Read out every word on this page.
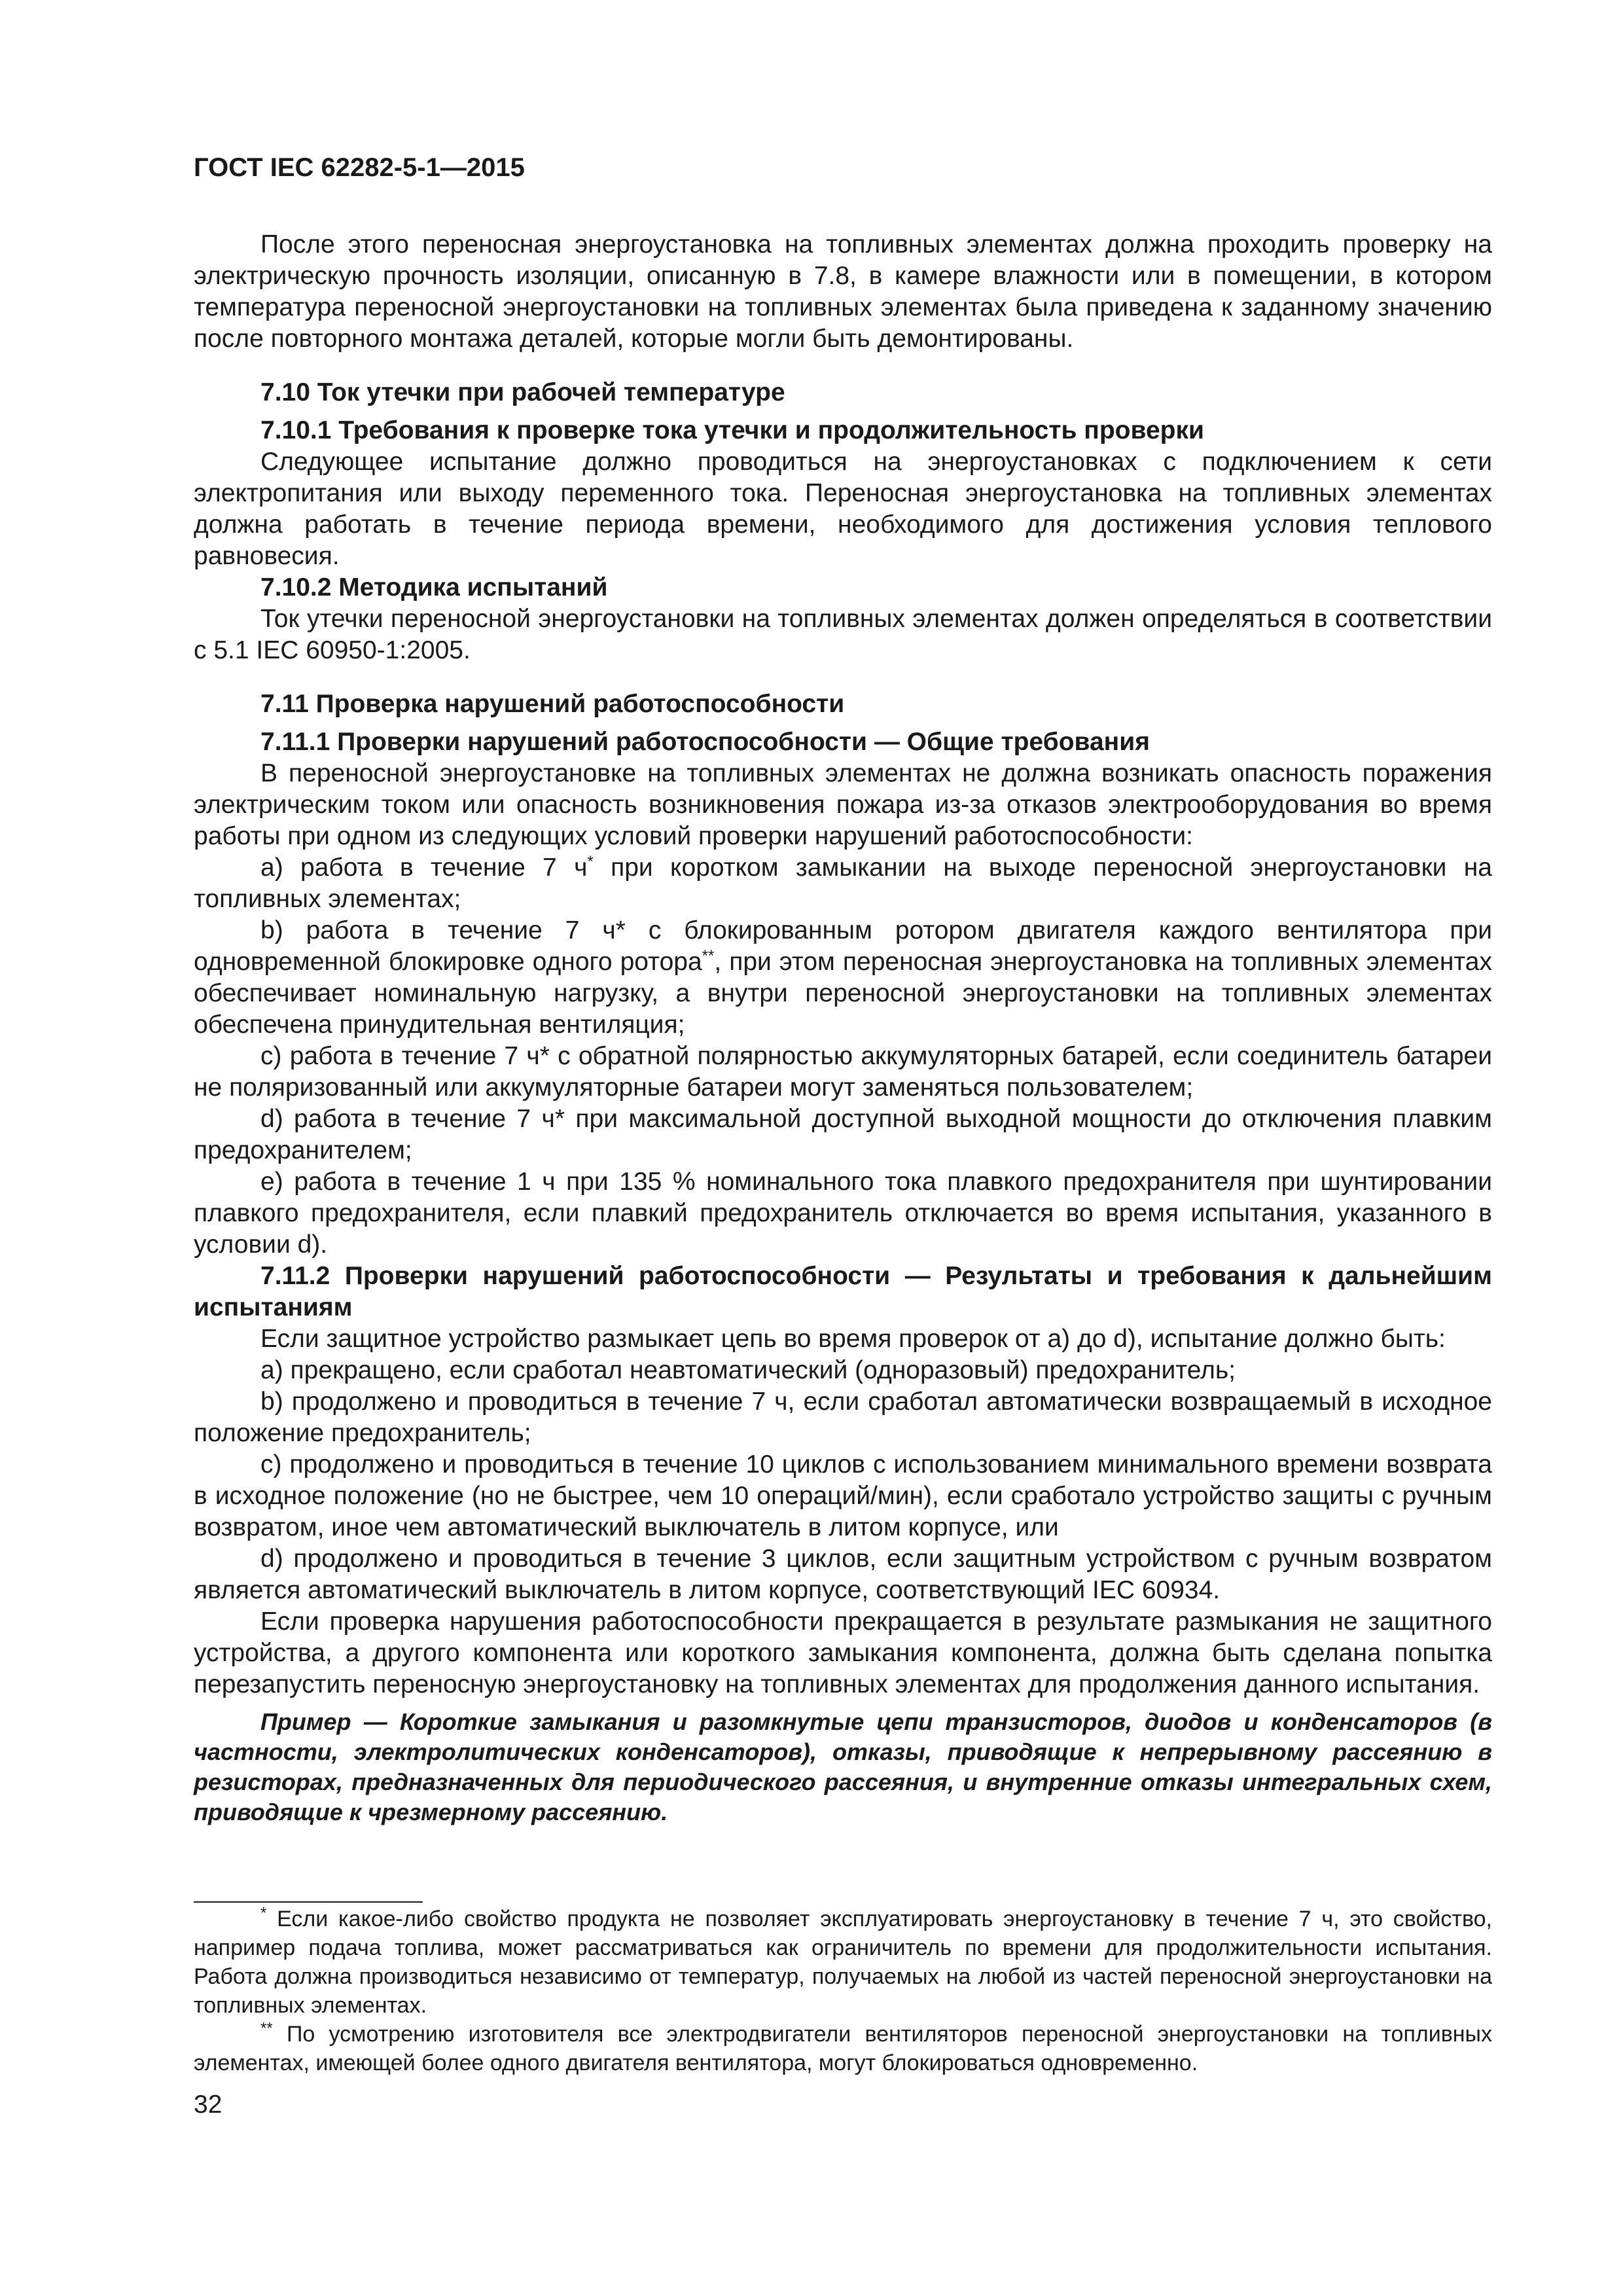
ГОСТ IEC 62282-5-1—2015

После этого переносная энергоустановка на топливных элементах должна проходить проверку на электрическую прочность изоляции, описанную в 7.8, в камере влажности или в помещении, в котором температура переносной энергоустановки на топливных элементах была приведена к заданному значению после повторного монтажа деталей, которые могли быть демонтированы.

7.10 Ток утечки при рабочей температуре

7.10.1 Требования к проверке тока утечки и продолжительность проверки

Следующее испытание должно проводиться на энергоустановках с подключением к сети электропитания или выходу переменного тока. Переносная энергоустановка на топливных элементах должна работать в течение периода времени, необходимого для достижения условия теплового равновесия.

7.10.2 Методика испытаний

Ток утечки переносной энергоустановки на топливных элементах должен определяться в соответствии с 5.1 IEC 60950-1:2005.

7.11 Проверка нарушений работоспособности

7.11.1 Проверки нарушений работоспособности — Общие требования

В переносной энергоустановке на топливных элементах не должна возникать опасность поражения электрическим током или опасность возникновения пожара из-за отказов электрооборудования во время работы при одном из следующих условий проверки нарушений работоспособности:

а) работа в течение 7 ч* при коротком замыкании на выходе переносной энергоустановки на топливных элементах;

b) работа в течение 7 ч* с блокированным ротором двигателя каждого вентилятора при одновременной блокировке одного ротора**, при этом переносная энергоустановка на топливных элементах обеспечивает номинальную нагрузку, а внутри переносной энергоустановки на топливных элементах обеспечена принудительная вентиляция;

с) работа в течение 7 ч* с обратной полярностью аккумуляторных батарей, если соединитель батареи не поляризованный или аккумуляторные батареи могут заменяться пользователем;

d) работа в течение 7 ч* при максимальной доступной выходной мощности до отключения плавким предохранителем;

е) работа в течение 1 ч при 135 % номинального тока плавкого предохранителя при шунтировании плавкого предохранителя, если плавкий предохранитель отключается во время испытания, указанного в условии d).

7.11.2 Проверки нарушений работоспособности — Результаты и требования к дальнейшим испытаниям

Если защитное устройство размыкает цепь во время проверок от а) до d), испытание должно быть:

а) прекращено, если сработал неавтоматический (одноразовый) предохранитель;

b) продолжено и проводиться в течение 7 ч, если сработал автоматически возвращаемый в исходное положение предохранитель;

с) продолжено и проводиться в течение 10 циклов с использованием минимального времени возврата в исходное положение (но не быстрее, чем 10 операций/мин), если сработало устройство защиты с ручным возвратом, иное чем автоматический выключатель в литом корпусе, или

d) продолжено и проводиться в течение 3 циклов, если защитным устройством с ручным возвратом является автоматический выключатель в литом корпусе, соответствующий IEC 60934.

Если проверка нарушения работоспособности прекращается в результате размыкания не защитного устройства, а другого компонента или короткого замыкания компонента, должна быть сделана попытка перезапустить переносную энергоустановку на топливных элементах для продолжения данного испытания.

Пример — Короткие замыкания и разомкнутые цепи транзисторов, диодов и конденсаторов (в частности, электролитических конденсаторов), отказы, приводящие к непрерывному рассеянию в резисторах, предназначенных для периодического рассеяния, и внутренние отказы интегральных схем, приводящие к чрезмерному рассеянию.

* Если какое-либо свойство продукта не позволяет эксплуатировать энергоустановку в течение 7 ч, это свойство, например подача топлива, может рассматриваться как ограничитель по времени для продолжительности испытания. Работа должна производиться независимо от температур, получаемых на любой из частей переносной энергоустановки на топливных элементах.

** По усмотрению изготовителя все электродвигатели вентиляторов переносной энергоустановки на топливных элементах, имеющей более одного двигателя вентилятора, могут блокироваться одновременно.

32
